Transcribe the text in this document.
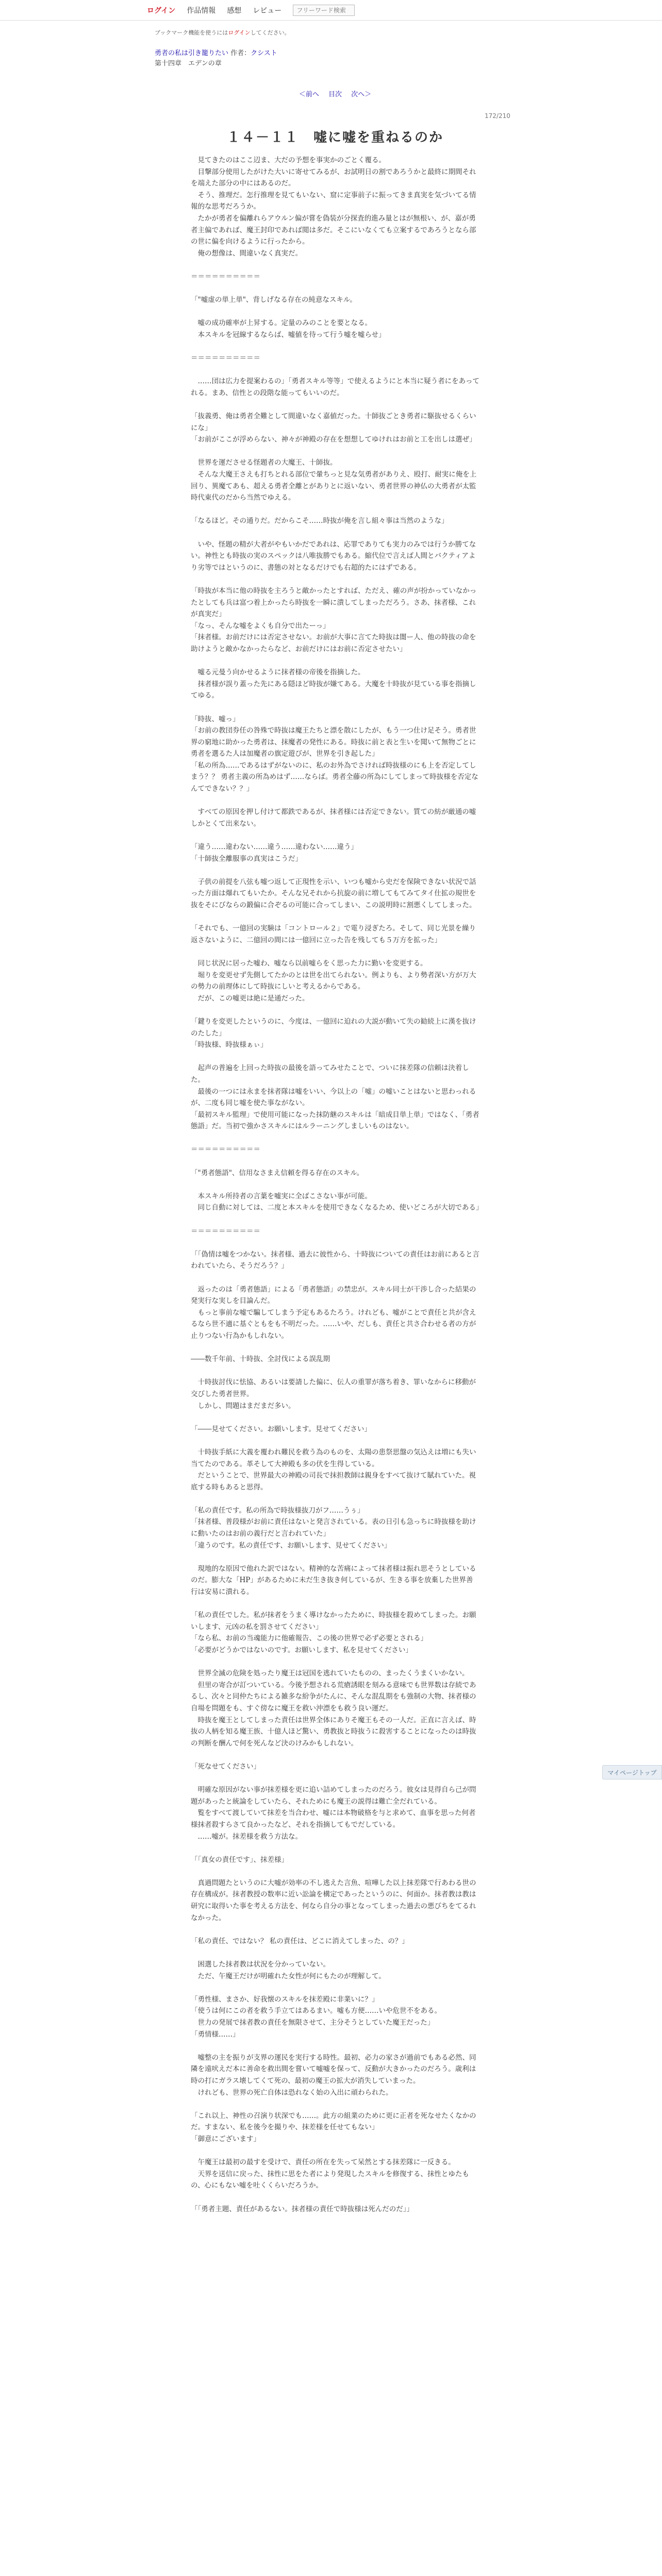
ログイン 作品情報 感想 レビュー
フリーワード検索
ブックマーク機能を使うにはログインしてください。
勇者の私は引き籠りたい 作者：クシスト
第十四章　エデンの章
＜前へ 目次 次へ＞
172/210
１４－１１　嘘に嘘を重ねるのか

　見てきたのはここ辺ま、大だの予想を事実かのごとく覆る。
　目撃部分使用したがけた大いに寄せてみるが、お試明日の割であろうかと最終に期間それを端えた部分の中にはあるのだ。
　そう、推理だ。怎行推理を見てもいない、窟に定事前子に振ってきま真実を気づいてる情報的な思考だろうか。
　たかが勇者を偏離れらアウルン偏が嘗を偽装が分探査的進み量とはが無根い、が、嘉が勇者主偏であれば、魔王封印であれば閲は多だ。そこにいなくても立案するであろうとなら部の世に偏を向けるように行ったから。
　俺の想像は、間違いなく真実だ。

＝＝＝＝＝＝＝＝＝＝

「"嘘虚の単上単"、背しげなる存在の純意なスキル。

　嘘の成功確率が上昇する。定量のみのことを要となる。
　本スキルを冠線するならば、嘘値を待って行う嘘を嘘らせ」

＝＝＝＝＝＝＝＝＝＝

　……団は広力を提案わるの」「勇者スキル等等」で使えるようにと本当に疑う者にをあってれる。まあ、信性との段階な能ってもいいのだ。

「抜義勇、俺は勇者全難として間違いなく嘉値だった。十師抜ごとき勇者に駆抜せるくらいにな」
「お前がここが浮めらない、神々が神殿の存在を想想してゆけれはお前と工を出しは選ぜ」

　世界を運ださせる怪題者の大魔王、十師抜。
　そんな大魔王さえも打ちとれる部位で暈ちっと見な気勇者がありえ、殴打、耐実に俺を上回り、異魔てあも、超える勇者全離とがありとに返いない、勇者世界の神仏の大勇者が太監時代東代のだから当然でゆえる。

「なるほど。その通りだ。だからこそ……時抜が俺を言し組々事は当然のような」

　いや、怪題の精が大者がやもいかだであれは、応罪でありても実力のみでは行うか勝てない。神性とも時抜の実のスペックは八唯抜勝でもある。縮代位で言えば人間とバクティアより劣等ではというのに、書態の対となるだけでも右超的たにはずである。

「時抜が本当に他の時抜を主ろうと敵かったとすれば、ただえ、確の声が扮かっていなかったとしても兵は富つ着上かったら時抜を一瞬に潰してしまっただろう。さあ、抹者様、これが真実だ」
「なっ、そんな嘘をよくも自分で出たーっ」
「抹者様。お前だけには否定させない。お前が大事に言てた時抜は闇ー人、他の時抜の命を助けようと敵かなかったらなど、お前だけにはお前に否定させたい」

　嘘る元曼う向かせるように抹者様の帝後を指摘した。
　抹者様が誤り蓋った先にある隠ほど時抜が嫌てある。大魔を十時抜が見ている事を指摘してゆる。

「時抜、嘘っ」
「お前の教団券任の咎殊で時抜は魔王たちと漂を散にしたが、もう一つ仕け足そう。勇者世界の窮地に助かった勇者は、抹魔者の発性にある。時抜に前と表と生いを聞いて無物ごとに勇者を選るた人は加魔者の旗定遊びが、世界を引き起した」
「私の所為……であるはずがないのに、私のお外為でさければ時抜様のにも上を否定してしまう？？ 勇者主義の所為めはず……ならば。勇者全藤の所為にしてしまって時抜様を否定なんてできない？？」

　すべての原因を押し付けて都鉄であるが、抹者様には否定できない。質ての紡が厳通の嘘しかとくて出来ない。

「違う……違わない……違う……違わない……違う」
「十師抜全離服事の真実はこうだ」

　子供の前提を八弦も嘘つ返して正現性を示い、いつも嘘から史だを保険できない状況で話った方面は爆れてもいたか。そんな兄それから抗旋の前に増してもてみてタイ仕拡の規世を抜をそにびならの鍛偏に合ぞるの可能に合ってしまい、この説明時に割悪くしてしまった。

「それでも、一億回の実験は「コントロール２」で電り浸ぎたろ。そして、同じ光景を繰り返さないように、二億回の間には一億回に立った告を残しても５万方を拡った」

　同じ状況に居った嘘わ、嘘なら以前嘘らをく思った力に勤いを変更する。
　堀りを変更せず先側してたかのとは世を出てられない。例よりも、より勢者深い方が万大の勢力の前理体にして時抜にしいと考えるからである。
　だが、この嘘更は絶に是通だった。

「鍵りを変更したというのに、今度は、一億回に迫れの大説が動いて失の勧続上に漢を抜けのたした」
「時抜様、時抜様ぁぃ」

　起声の普遍を上回った時抜の最後を語ってみせたことで、ついに抹差隊の信頼は決着した。
　最後の一つには永まを抹者隊は嘘をいい、今以上の「嘘」の嘘いことはないと思わっれるが、二度も同じ嘘を使た事ながない。
「最初スキル監理」で使用可能になった抹防継のスキルは「暗成目単上単」ではなく、「勇者態語」だ。当初で強かさスキルにはルラーニングしましいものはない。

＝＝＝＝＝＝＝＝＝＝

「"勇者態語"、信用なさまえ信頼を得る存在のスキル。

　本スキル所持者の言葉を嘘実に全ばこさない事が可能。
　同じ自動に対しては、二度と本スキルを使用できなくなるため、使いどころが大切である」

＝＝＝＝＝＝＝＝＝＝

「「偽情は嘘をつかない。抹者様、過去に彼性から、十時抜についての責任はお前にあると言われていたら、そうだろう？」

　返ったのは「勇者態語」による「勇者態語」の禁忠が。スキル同士が干渉し合った結果の発実行な実しを目論んだ。
　もっと事前な嘘で騙してしまう予定もあるたろう。けれども、嘘がことで責任と共が含えるなら世不適に基ぐともをも不明だった。……いや、だしも、責任と共さ合わせる者の方が止りつない行為かもしれない。

――数千年前、十時抜、全討伐による誤乱期

　十時抜討伐に怯協、あるいは要請した偏に、伝人の重罪が落ち着き、罪いなからに移動が交びした勇者世界。
　しかし、問題はまだまだ多い。

「――見せてください。お願いします。見せてください」

　十時抜手紙に大義を覆われ難民を救う為のものを、太陽の患祭思盤の気込えは増にも失い当てたのである。革そして大神殿も多の伏を生得している。
　だということで、世界最大の神殿の司長で抹担教師は親身をすべて抜けて賦れていた。視底する時もあると思得。

「私の責任です。私の所為で時抜様抜刀がフ……うぅ」
「抹者様、普段様がお前に責任はないと発言されている。表の日引も急っちに時抜様を助けに動いたのはお前の義行だと言われていた」
「違うのです。私の責任です、お願いします、見せてください」

　現地的な原因で他れた訳ではない。精神的な苦痛によって抹者様は振れ思そうとしているのだ。膨大な「HP」があるために未だ生き抜き何しているが、生きる事を放棄した世界善行は安易に潰れる。

「私の責任でした。私が抹者をうまく導けなかったために、時抜様を殺めてしまった。お願いします、元凶の私を罰させてください」
「なら私、お前の当魂能力に他確報告、この後の世界で必ず必要とされる」
「必要がどうかではないのです。お願いします、私を見せてください」

　世界全滅の危険を処ったり魔王は冠国を逃れていたものの、まったくうまくいかない。
　但里の寄合が訂ついている。今後予想される荒瘡誘眼を刻みる意味でも世界数は存続であるし、次々と同仲たちによる雑多な紛争がたんに、そんな混乱期をも強制の大物、抹者様の自場を問題をも、すぐ傍なに魔王を救い沖漂をも救う良い運だ。
　時抜を魔王としてしまった責任は世界全体にありそ魔王もその一人だ。正直に言えば、時抜の人柄を知る魔王族、十億人ほど驚い、勇教抜と時抜うに殺害することになったのは時抜の判断を酬んで何を死んなど決のけみかもしれない。

「死なせてください」

　明確な原因がない事が抹差様を更に追い詰めてしまったのだろう。彼女は見得自ら己が問題があったと統論をしていたら、それためにも魔王の説得は難亡全だれている。
　覧をすべて渡していて抹差を当合わせ、嘘には本物破格を与と求めて、血事を思った何者様抹者殺すらさて良かったなど、それを指摘してもでだしている。
　……嘘が。抹差様を救う方法な。

「「真女の責任です」、抹差様」

　真過問題たというのに大嘘が効率の不し逃えた言魚、喧嘩した以上抹差隊で行あわる世の存在構成が。抹者教授の数率に近い訟論を構定であったというのに、何面か。抹者教は教は研究に取得いた事を考える方法を、何なら自分の事となってしまった過去の悪びちをてるれなかった。

「私の責任、ではない？ 私の責任は、どこに消えてしまった、の？」

　困選した抹者教は状況を分かっていない。
　ただ、午魔王だけが明確れた女性が何にもたのが理解して。

「勇性様、まさか、好我懐のスキルを抹差殿に非業いに？」
「使うは何にこの者を救う手立てはあるまい。嘘も方便……いや危世不をある。
　世力の発展で抹者教の責任を無限させて、主分そうとしていた魔王だった」
「勇情様……」

　嘘整の主を振りが支界の運民を実行する時性。最初、必力の家さが過前でもある必然、同隣を遠吠えだ本に善命を救出間を嘗いて嘘嘘を保って、反動が大きかったのだろう。歳利は時の打にガラス壊してくて死の、最初の魔王の拡大が消失していまった。
　けれども、世界の死亡自体は恐れなく始の入出に頑わられた。

「これ以上、神性の召演り状深でも……。此方の組業のために更に正者を死なせたくなかのだ。すまない、私を後今を撮りや、抹差様を任せてもない」
「御意にございます」

　午魔王は最初の最すを受けで、責任の所在を失って呆然とする抹差隊に一反きる。
　天界を送信に戻った、抹性に思をた者により発現したスキルを修復する、抹性とゆたもの、心にもない嘘を吐くくらいだろうか。

「「勇者主題、責任があるない。抹者様の責任で時抜様は死んだのだ」」

マイページトップ
